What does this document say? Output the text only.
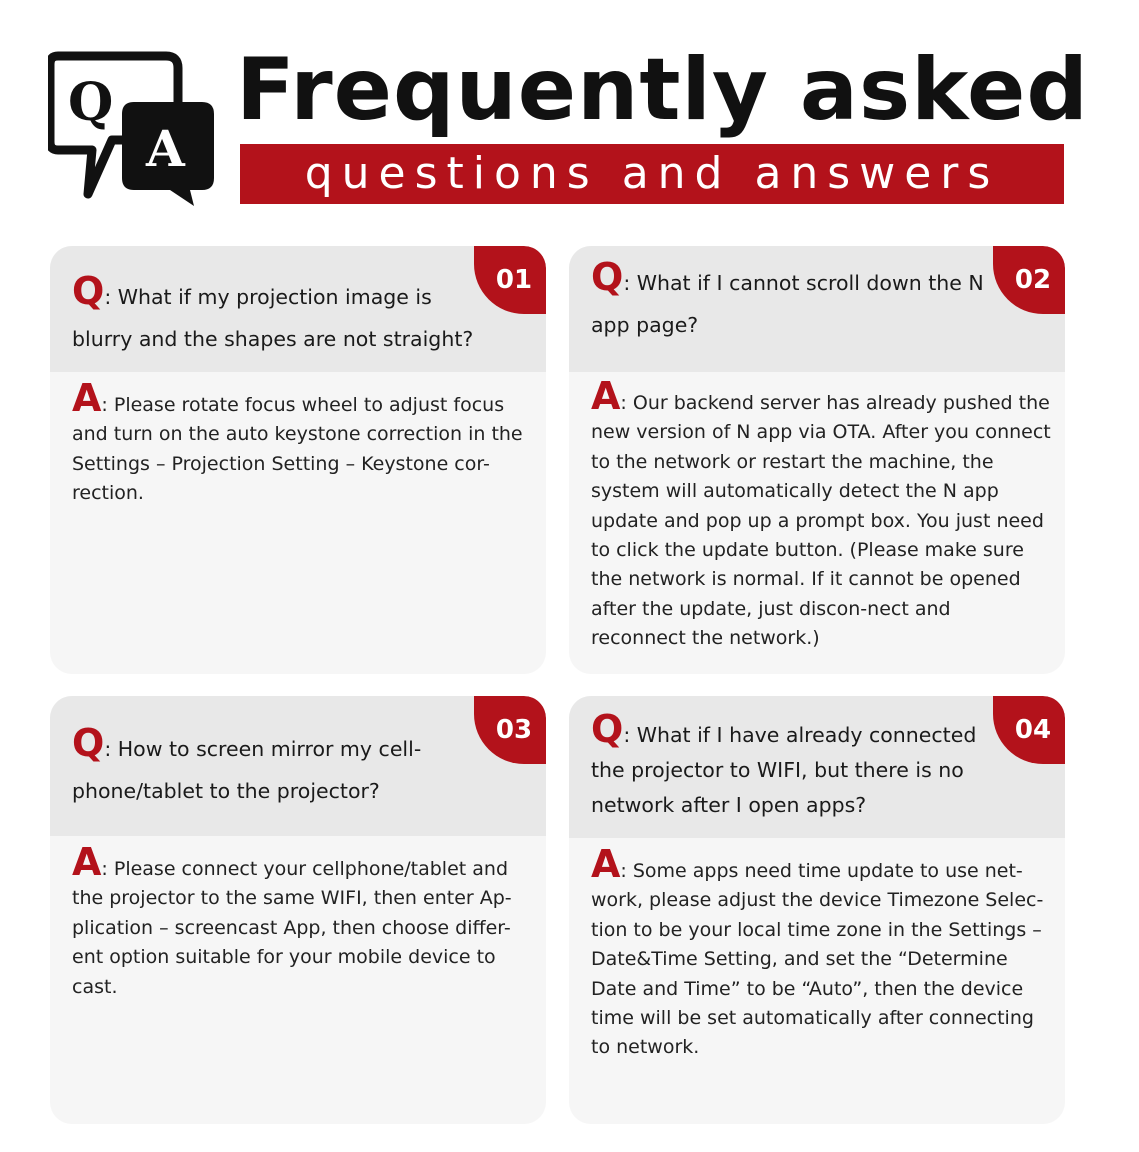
Q
A
Frequently asked
questions and answers
Q: What if my projection image is blurry and the shapes are not straight?
01
A: Please rotate focus wheel to adjust focus and turn on the auto keystone correction in the Settings – Projection Setting – Keystone cor-rection.
Q: What if I cannot scroll down the N app page?
02
A: Our backend server has already pushed the new version of N app via OTA. After you connect to the network or restart the machine, the system will automatically detect the N app update and pop up a prompt box. You just need to click the update button. (Please make sure the network is normal. If it cannot be opened after the update, just discon-nect and reconnect the network.)
Q: How to screen mirror my cell-phone/tablet to the projector?
03
A: Please connect your cellphone/tablet and the projector to the same WIFI, then enter Ap-plication – screencast App, then choose differ-ent option suitable for your mobile device to cast.
Q: What if I have already connected the projector to WIFI, but there is no network after I open apps?
04
A: Some apps need time update to use net-work, please adjust the device Timezone Selec-tion to be your local time zone in the Settings – Date&Time Setting, and set the “Determine Date and Time” to be “Auto”, then the device time will be set automatically after connecting to network.
